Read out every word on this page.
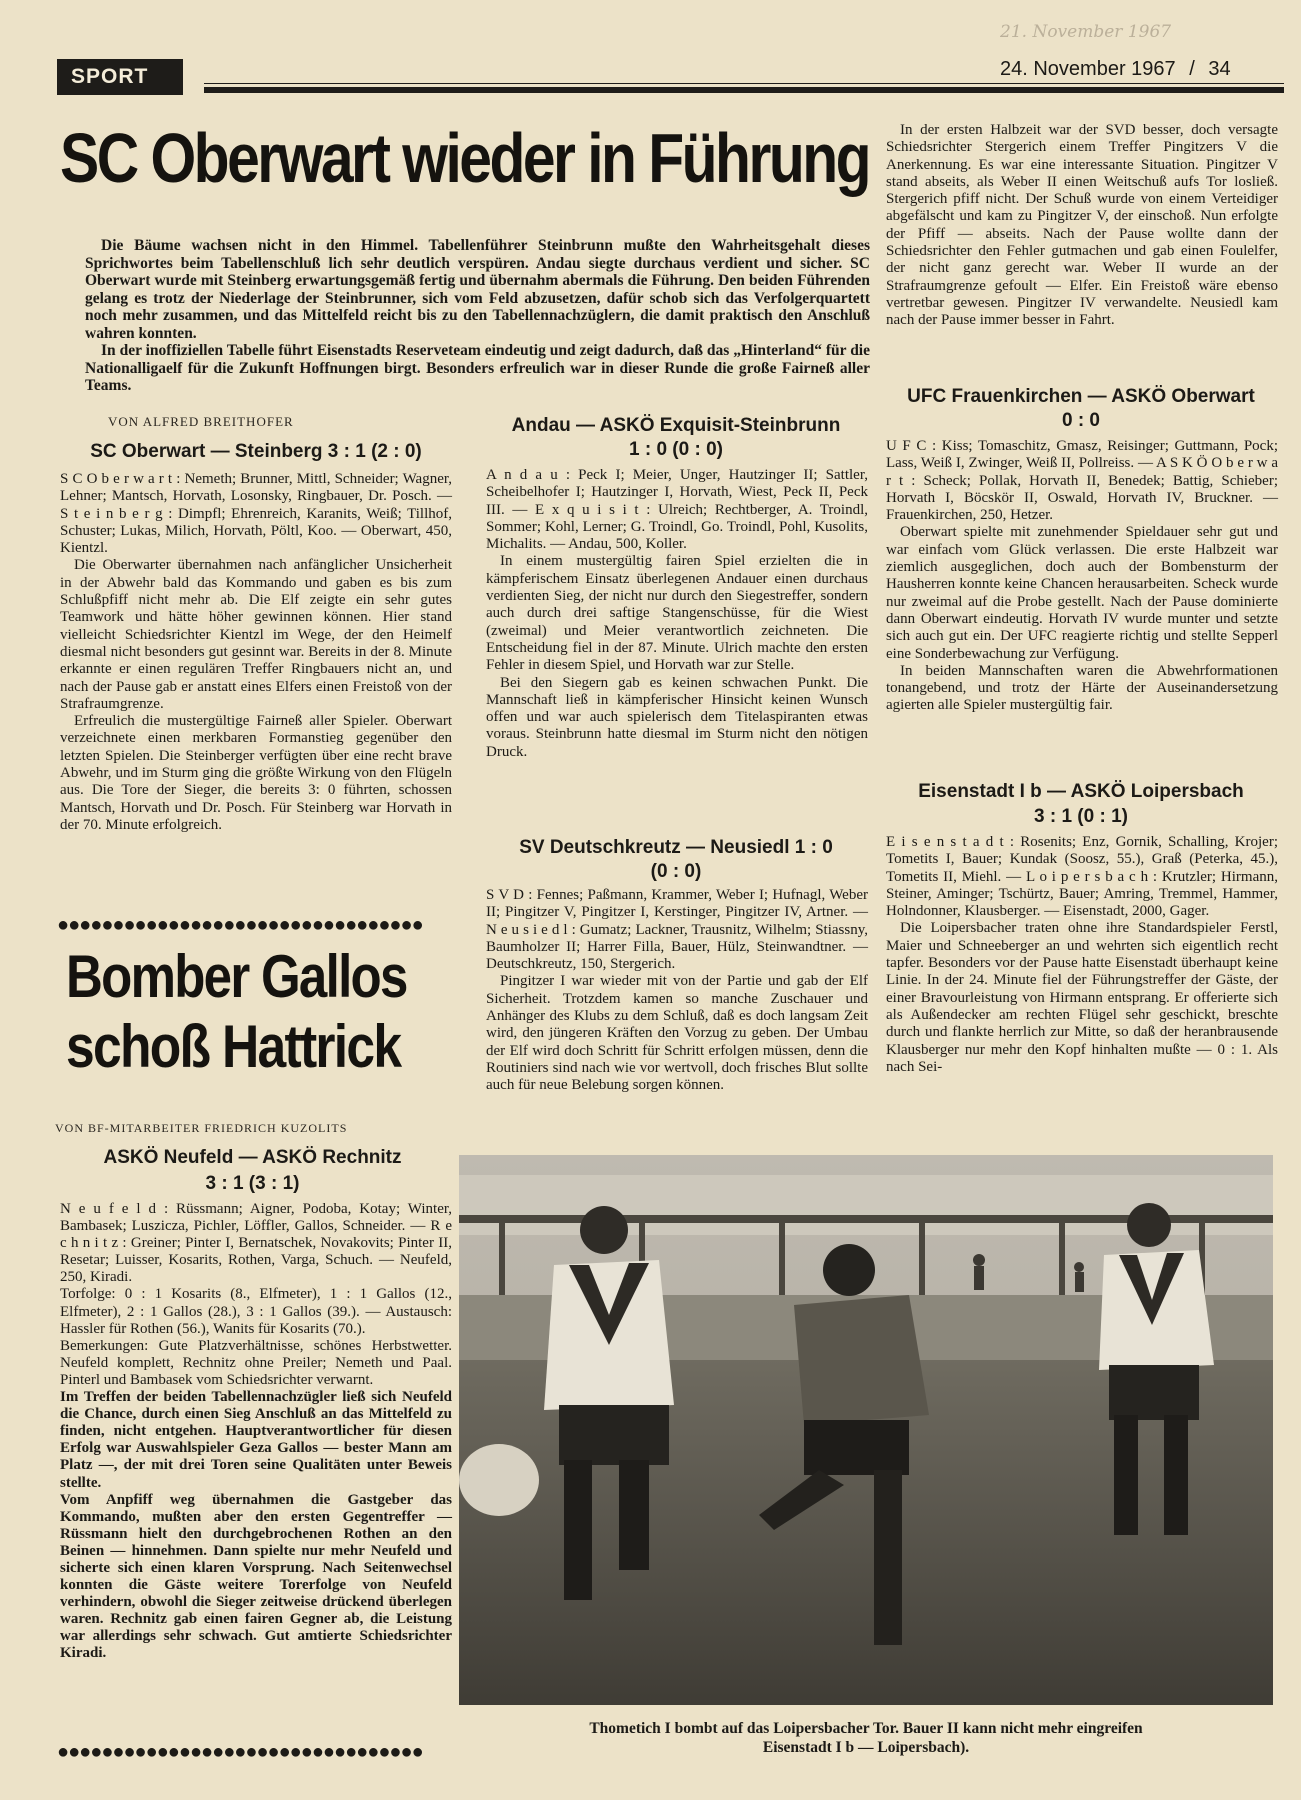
SPORT
21. November 1967
24. November 1967 / 34
SC Oberwart wieder in Führung

Die Bäume wachsen nicht in den Himmel. Tabellenführer Steinbrunn mußte den Wahrheitsgehalt dieses Sprichwortes beim Tabellenschluß lich sehr deutlich verspüren. Andau siegte durchaus verdient und sicher. SC Oberwart wurde mit Steinberg erwartungsgemäß fertig und übernahm abermals die Führung. Den beiden Führenden gelang es trotz der Niederlage der Steinbrunner, sich vom Feld abzusetzen, dafür schob sich das Verfolgerquartett noch mehr zusammen, und das Mittelfeld reicht bis zu den Tabellennachzüglern, die damit praktisch den Anschluß wahren konnten.

In der inoffiziellen Tabelle führt Eisenstadts Reserveteam eindeutig und zeigt dadurch, daß das „Hinterland“ für die Nationalligaelf für die Zukunft Hoffnungen birgt. Besonders erfreulich war in dieser Runde die große Fairneß aller Teams.

VON ALFRED BREITHOFER
SC Oberwart — Steinberg 3 : 1 (2 : 0)

S C O b e r w a r t : Nemeth; Brunner, Mittl, Schneider; Wagner, Lehner; Mantsch, Horvath, Losonsky, Ringbauer, Dr. Posch. — S t e i n b e r g : Dimpfl; Ehrenreich, Karanits, Weiß; Tillhof, Schuster; Lukas, Milich, Horvath, Pöltl, Koo. — Oberwart, 450, Kientzl.

Die Oberwarter übernahmen nach anfänglicher Unsicherheit in der Abwehr bald das Kommando und gaben es bis zum Schlußpfiff nicht mehr ab. Die Elf zeigte ein sehr gutes Teamwork und hätte höher gewinnen können. Hier stand vielleicht Schiedsrichter Kientzl im Wege, der den Heimelf diesmal nicht besonders gut gesinnt war. Bereits in der 8. Minute erkannte er einen regulären Treffer Ringbauers nicht an, und nach der Pause gab er anstatt eines Elfers einen Freistoß von der Strafraumgrenze.

Erfreulich die mustergültige Fairneß aller Spieler. Oberwart verzeichnete einen merkbaren Formanstieg gegenüber den letzten Spielen. Die Steinberger verfügten über eine recht brave Abwehr, und im Sturm ging die größte Wirkung von den Flügeln aus. Die Tore der Sieger, die bereits 3: 0 führten, schossen Mantsch, Horvath und Dr. Posch. Für Steinberg war Horvath in der 70. Minute erfolgreich.

●●●●●●●●●●●●●●●●●●●●●●●●●●●●●●●●●
Bomber Gallos
schoß Hattrick
VON BF-MITARBEITER FRIEDRICH KUZOLITS
ASKÖ Neufeld — ASKÖ Rechnitz
3 : 1 (3 : 1)

N e u f e l d : Rüssmann; Aigner, Podoba, Kotay; Winter, Bambasek; Luszicza, Pichler, Löffler, Gallos, Schneider. — R e c h n i t z : Greiner; Pinter I, Bernatschek, Novakovits; Pinter II, Resetar; Luisser, Kosarits, Rothen, Varga, Schuch. — Neufeld, 250, Kiradi.

Torfolge: 0 : 1 Kosarits (8., Elfmeter), 1 : 1 Gallos (12., Elfmeter), 2 : 1 Gallos (28.), 3 : 1 Gallos (39.). — Austausch: Hassler für Rothen (56.), Wanits für Kosarits (70.).

Bemerkungen: Gute Platzverhältnisse, schönes Herbstwetter. Neufeld komplett, Rechnitz ohne Preiler; Nemeth und Paal. Pinterl und Bambasek vom Schiedsrichter verwarnt.

Im Treffen der beiden Tabellennachzügler ließ sich Neufeld die Chance, durch einen Sieg Anschluß an das Mittelfeld zu finden, nicht entgehen. Hauptverantwortlicher für diesen Erfolg war Auswahlspieler Geza Gallos — bester Mann am Platz —, der mit drei Toren seine Qualitäten unter Beweis stellte.

Vom Anpfiff weg übernahmen die Gastgeber das Kommando, mußten aber den ersten Gegentreffer — Rüssmann hielt den durchgebrochenen Rothen an den Beinen — hinnehmen. Dann spielte nur mehr Neufeld und sicherte sich einen klaren Vorsprung. Nach Seitenwechsel konnten die Gäste weitere Torerfolge von Neufeld verhindern, obwohl die Sieger zeitweise drückend überlegen waren. Rechnitz gab einen fairen Gegner ab, die Leistung war allerdings sehr schwach. Gut amtierte Schiedsrichter Kiradi.

●●●●●●●●●●●●●●●●●●●●●●●●●●●●●●●●●
Andau — ASKÖ Exquisit-Steinbrunn
1 : 0 (0 : 0)

A n d a u : Peck I; Meier, Unger, Hautzinger II; Sattler, Scheibelhofer I; Hautzinger I, Horvath, Wiest, Peck II, Peck III. — E x q u i s i t : Ulreich; Rechtberger, A. Troindl, Sommer; Kohl, Lerner; G. Troindl, Go. Troindl, Pohl, Kusolits, Michalits. — Andau, 500, Koller.

In einem mustergültig fairen Spiel erzielten die in kämpferischem Einsatz überlegenen Andauer einen durchaus verdienten Sieg, der nicht nur durch den Siegestreffer, sondern auch durch drei saftige Stangenschüsse, für die Wiest (zweimal) und Meier verantwortlich zeichneten. Die Entscheidung fiel in der 87. Minute. Ulrich machte den ersten Fehler in diesem Spiel, und Horvath war zur Stelle.

Bei den Siegern gab es keinen schwachen Punkt. Die Mannschaft ließ in kämpferischer Hinsicht keinen Wunsch offen und war auch spielerisch dem Titelaspiranten etwas voraus. Steinbrunn hatte diesmal im Sturm nicht den nötigen Druck.

SV Deutschkreutz — Neusiedl 1 : 0
(0 : 0)

S V D : Fennes; Paßmann, Krammer, Weber I; Hufnagl, Weber II; Pingitzer V, Pingitzer I, Kerstinger, Pingitzer IV, Artner. — N e u s i e d l : Gumatz; Lackner, Trausnitz, Wilhelm; Stiassny, Baumholzer II; Harrer Filla, Bauer, Hülz, Steinwandtner. — Deutschkreutz, 150, Stergerich.

Pingitzer I war wieder mit von der Partie und gab der Elf Sicherheit. Trotzdem kamen so manche Zuschauer und Anhänger des Klubs zu dem Schluß, daß es doch langsam Zeit wird, den jüngeren Kräften den Vorzug zu geben. Der Umbau der Elf wird doch Schritt für Schritt erfolgen müssen, denn die Routiniers sind nach wie vor wertvoll, doch frisches Blut sollte auch für neue Belebung sorgen können.

In der ersten Halbzeit war der SVD besser, doch versagte Schiedsrichter Stergerich einem Treffer Pingitzers V die Anerkennung. Es war eine interessante Situation. Pingitzer V stand abseits, als Weber II einen Weitschuß aufs Tor losließ. Stergerich pfiff nicht. Der Schuß wurde von einem Verteidiger abgefälscht und kam zu Pingitzer V, der einschoß. Nun erfolgte der Pfiff — abseits. Nach der Pause wollte dann der Schiedsrichter den Fehler gutmachen und gab einen Foulelfer, der nicht ganz gerecht war. Weber II wurde an der Strafraumgrenze gefoult — Elfer. Ein Freistoß wäre ebenso vertretbar gewesen. Pingitzer IV verwandelte. Neusiedl kam nach der Pause immer besser in Fahrt.

UFC Frauenkirchen — ASKÖ Oberwart
0 : 0

U F C : Kiss; Tomaschitz, Gmasz, Reisinger; Guttmann, Pock; Lass, Weiß I, Zwinger, Weiß II, Pollreiss. — A S K Ö O b e r w a r t : Scheck; Pollak, Horvath II, Benedek; Battig, Schieber; Horvath I, Böcskör II, Oswald, Horvath IV, Bruckner. — Frauenkirchen, 250, Hetzer.

Oberwart spielte mit zunehmender Spieldauer sehr gut und war einfach vom Glück verlassen. Die erste Halbzeit war ziemlich ausgeglichen, doch auch der Bombensturm der Hausherren konnte keine Chancen herausarbeiten. Scheck wurde nur zweimal auf die Probe gestellt. Nach der Pause dominierte dann Oberwart eindeutig. Horvath IV wurde munter und setzte sich auch gut ein. Der UFC reagierte richtig und stellte Sepperl eine Sonderbewachung zur Verfügung.

In beiden Mannschaften waren die Abwehrformationen tonangebend, und trotz der Härte der Auseinandersetzung agierten alle Spieler mustergültig fair.

Eisenstadt I b — ASKÖ Loipersbach
3 : 1 (0 : 1)

E i s e n s t a d t : Rosenits; Enz, Gornik, Schalling, Krojer; Tometits I, Bauer; Kundak (Soosz, 55.), Graß (Peterka, 45.), Tometits II, Miehl. — L o i p e r s b a c h : Krutzler; Hirmann, Steiner, Aminger; Tschürtz, Bauer; Amring, Tremmel, Hammer, Holndonner, Klausberger. — Eisenstadt, 2000, Gager.

Die Loipersbacher traten ohne ihre Standardspieler Ferstl, Maier und Schneeberger an und wehrten sich eigentlich recht tapfer. Besonders vor der Pause hatte Eisenstadt überhaupt keine Linie. In der 24. Minute fiel der Führungstreffer der Gäste, der einer Bravourleistung von Hirmann entsprang. Er offerierte sich als Außendecker am rechten Flügel sehr geschickt, breschte durch und flankte herrlich zur Mitte, so daß der heranbrausende Klausberger nur mehr den Kopf hinhalten mußte — 0 : 1. Als nach Sei-

Thometich I bombt auf das Loipersbacher Tor. Bauer II kann nicht mehr eingreifen
Eisenstadt I b — Loipersbach).
